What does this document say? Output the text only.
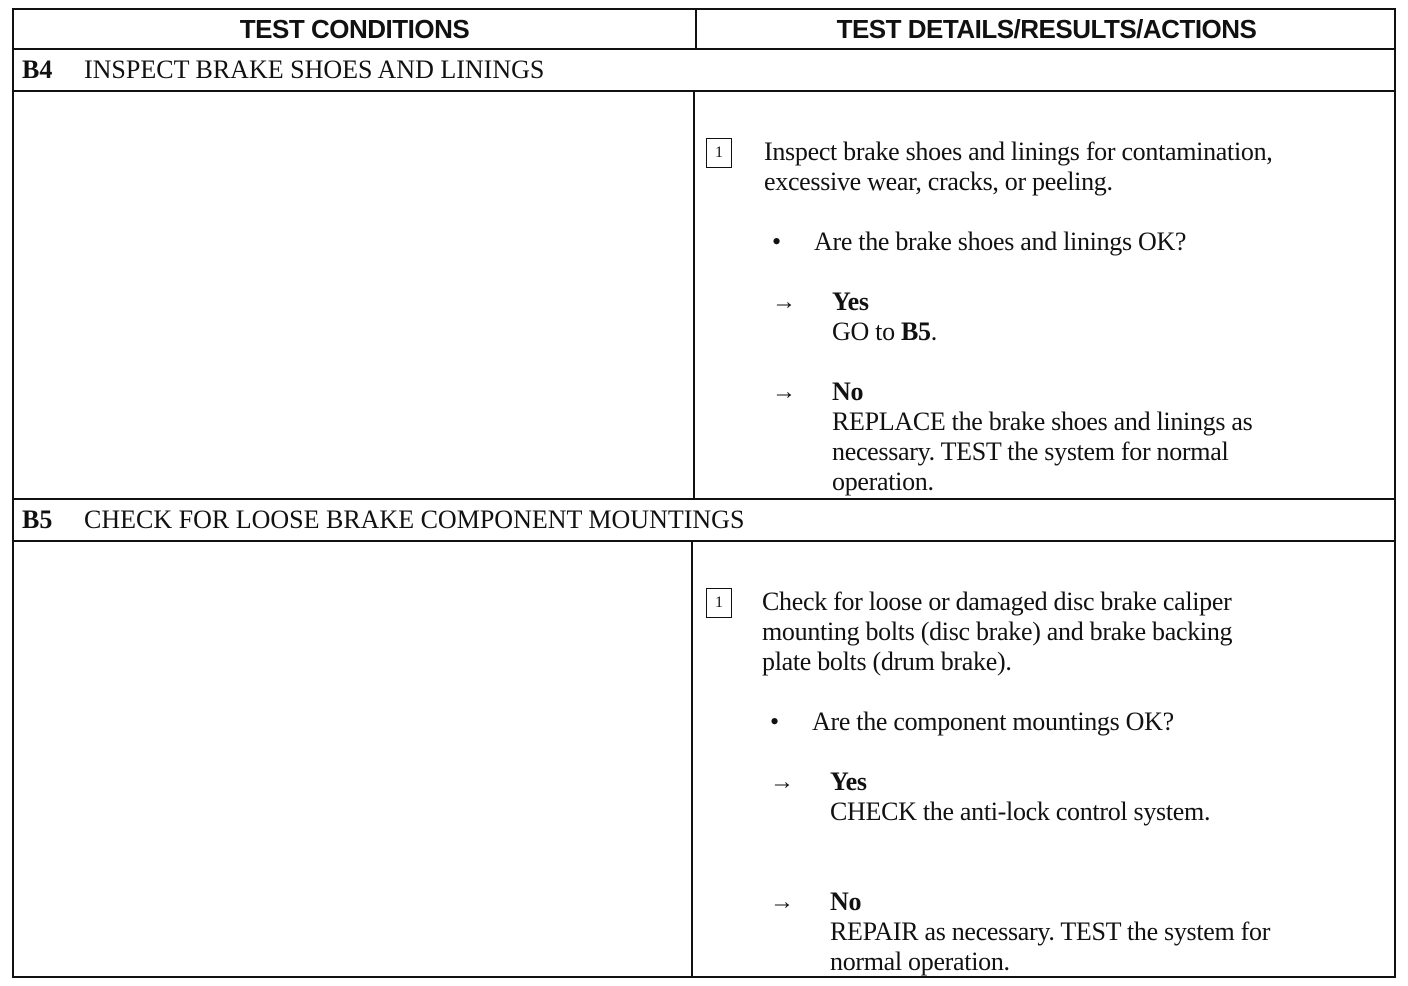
TEST CONDITIONS	TEST DETAILS/RESULTS/ACTIONS
B4 INSPECT BRAKE SHOES AND LININGS
1	Inspect brake shoes and linings for contamination,
excessive wear, cracks, or peeling.
• Are the brake shoes and linings OK?
→ Yes
GO to B5.
→ No
REPLACE the brake shoes and linings as
necessary. TEST the system for normal
operation.
B5 CHECK FOR LOOSE BRAKE COMPONENT MOUNTINGS
1	Check for loose or damaged disc brake caliper
mounting bolts (disc brake) and brake backing
plate bolts (drum brake).
• Are the component mountings OK?
→ Yes
CHECK the anti-lock control system.
→ No
REPAIR as necessary. TEST the system for
normal operation.
